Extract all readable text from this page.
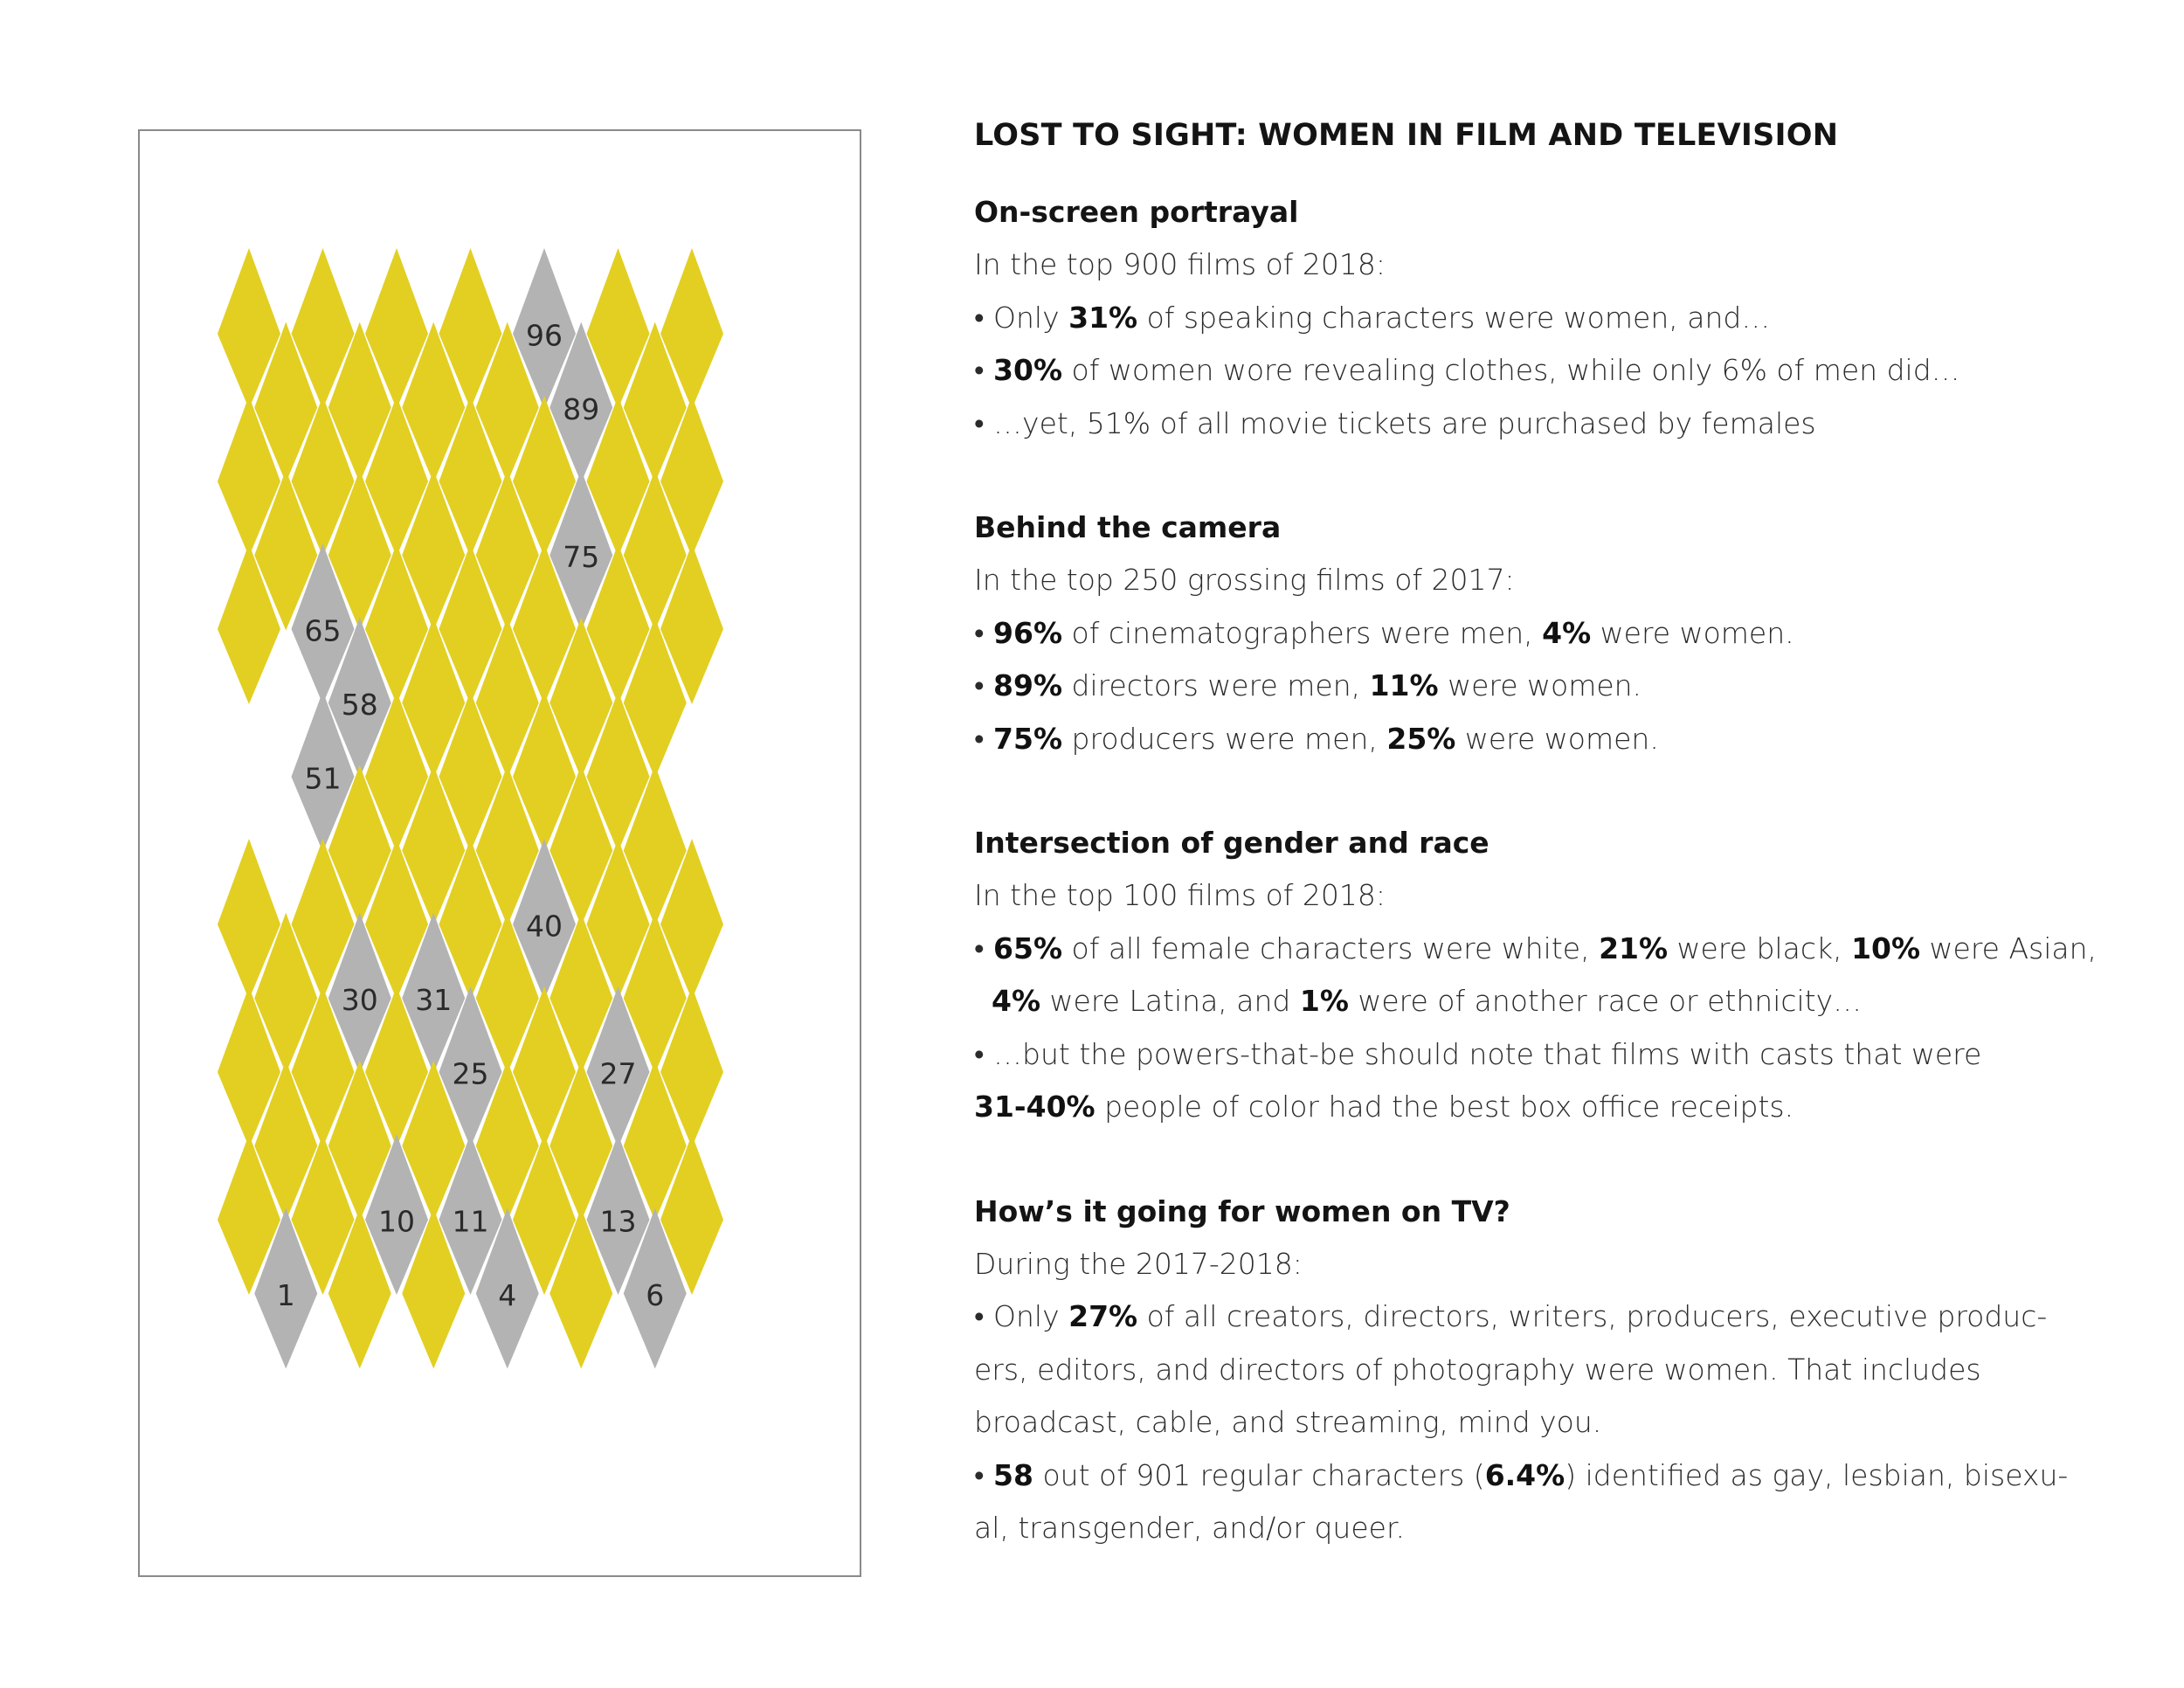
96
89
75
65
58
51
40
30 31
25	27
10 11	13
1	4	6
LOST TO SIGHT: WOMEN IN FILM AND TELEVISION
On-screen portrayal
In the top 900 films of 2018:
• Only 31% of speaking characters were women, and…
• 30% of women wore revealing clothes, while only 6% of men did…
• …yet, 51% of all movie tickets are purchased by females
Behind the camera
In the top 250 grossing films of 2017:
• 96% of cinematographers were men, 4% were women.
• 89% directors were men, 11% were women.
• 75% producers were men, 25% were women.
Intersection of gender and race
In the top 100 films of 2018:
• 65% of all female characters were white, 21% were black, 10% were Asian,
4% were Latina, and 1% were of another race or ethnicity…
• …but the powers-that-be should note that films with casts that were
31-40% people of color had the best box office receipts.
How’s it going for women on TV?
During the 2017-2018:
• Only 27% of all creators, directors, writers, producers, executive produc-
ers, editors, and directors of photography were women. That includes
broadcast, cable, and streaming, mind you.
• 58 out of 901 regular characters (6.4%) identified as gay, lesbian, bisexu-
al, transgender, and/or queer.
